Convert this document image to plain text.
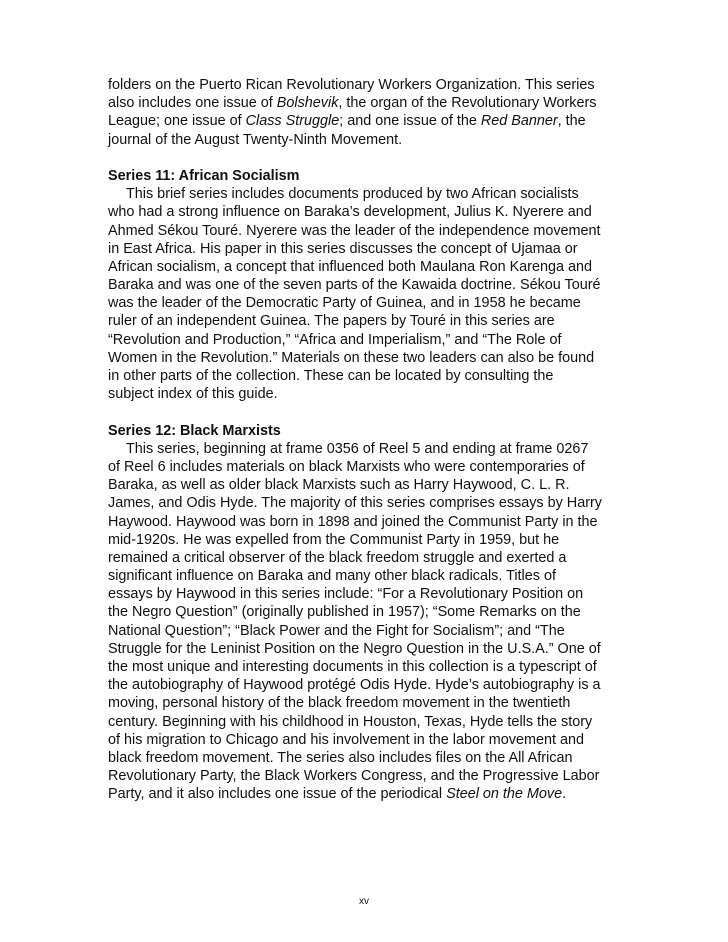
folders on the Puerto Rican Revolutionary Workers Organization. This series
also includes one issue of Bolshevik, the organ of the Revolutionary Workers
League; one issue of Class Struggle; and one issue of the Red Banner, the
journal of the August Twenty-Ninth Movement.
Series 11: African Socialism
This brief series includes documents produced by two African socialists
who had a strong influence on Baraka’s development, Julius K. Nyerere and
Ahmed Sékou Touré. Nyerere was the leader of the independence movement
in East Africa. His paper in this series discusses the concept of Ujamaa or
African socialism, a concept that influenced both Maulana Ron Karenga and
Baraka and was one of the seven parts of the Kawaida doctrine. Sékou Touré
was the leader of the Democratic Party of Guinea, and in 1958 he became
ruler of an independent Guinea. The papers by Touré in this series are
“Revolution and Production,” “Africa and Imperialism,” and “The Role of
Women in the Revolution.” Materials on these two leaders can also be found
in other parts of the collection. These can be located by consulting the
subject index of this guide.
Series 12: Black Marxists
This series, beginning at frame 0356 of Reel 5 and ending at frame 0267
of Reel 6 includes materials on black Marxists who were contemporaries of
Baraka, as well as older black Marxists such as Harry Haywood, C. L. R.
James, and Odis Hyde. The majority of this series comprises essays by Harry
Haywood. Haywood was born in 1898 and joined the Communist Party in the
mid-1920s. He was expelled from the Communist Party in 1959, but he
remained a critical observer of the black freedom struggle and exerted a
significant influence on Baraka and many other black radicals. Titles of
essays by Haywood in this series include: “For a Revolutionary Position on
the Negro Question” (originally published in 1957); “Some Remarks on the
National Question”; “Black Power and the Fight for Socialism”; and “The
Struggle for the Leninist Position on the Negro Question in the U.S.A.” One of
the most unique and interesting documents in this collection is a typescript of
the autobiography of Haywood protégé Odis Hyde. Hyde’s autobiography is a
moving, personal history of the black freedom movement in the twentieth
century. Beginning with his childhood in Houston, Texas, Hyde tells the story
of his migration to Chicago and his involvement in the labor movement and
black freedom movement. The series also includes files on the All African
Revolutionary Party, the Black Workers Congress, and the Progressive Labor
Party, and it also includes one issue of the periodical Steel on the Move.
xv
